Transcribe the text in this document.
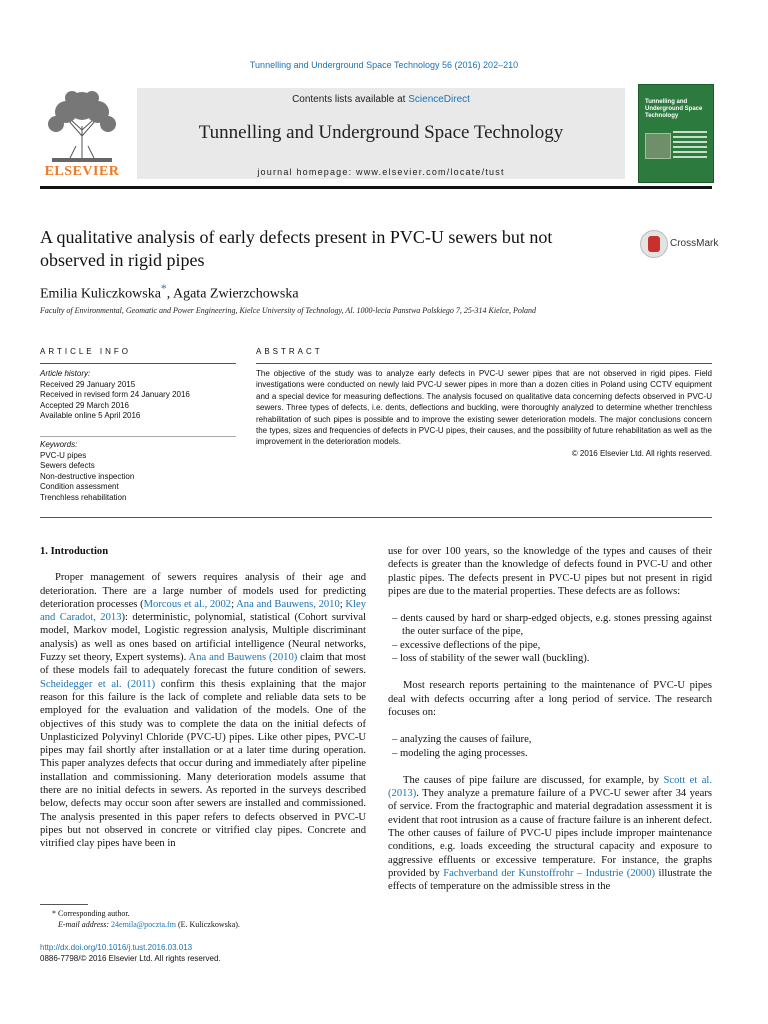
Tunnelling and Underground Space Technology 56 (2016) 202–210
ELSEVIER
Contents lists available at ScienceDirect
Tunnelling and Underground Space Technology
journal homepage: www.elsevier.com/locate/tust
Tunnelling and Underground Space Technology
A qualitative analysis of early defects present in PVC-U sewers but not observed in rigid pipes
CrossMark
Emilia Kuliczkowska*, Agata Zwierzchowska
Faculty of Environmental, Geomatic and Power Engineering, Kielce University of Technology, Al. 1000-lecia Panstwa Polskiego 7, 25-314 Kielce, Poland
ARTICLE INFO	ABSTRACT
Article history:
Received 29 January 2015
Received in revised form 24 January 2016
Accepted 29 March 2016
Available online 5 April 2016
Keywords:
PVC-U pipes
Sewers defects
Non-destructive inspection
Condition assessment
Trenchless rehabilitation
The objective of the study was to analyze early defects in PVC-U sewer pipes that are not observed in rigid pipes. Field investigations were conducted on newly laid PVC-U sewer pipes in more than a dozen cities in Poland using CCTV equipment and a special device for measuring deflections. The analysis focused on qualitative data concerning defects observed in PVC-U sewers. Three types of defects, i.e. dents, deflections and buckling, were thoroughly analyzed to determine whether trenchless rehabilitation of such pipes is possible and to improve the existing sewer deterioration models. The major conclusions concern the types, sizes and frequencies of defects in PVC-U pipes, their causes, and the possibility of future rehabilitation as well as the improvement in the deterioration models.
© 2016 Elsevier Ltd. All rights reserved.
1. Introduction

Proper management of sewers requires analysis of their age and deterioration. There are a large number of models used for predicting deterioration processes (Morcous et al., 2002; Ana and Bauwens, 2010; Kley and Caradot, 2013): deterministic, polynomial, statistical (Cohort survival model, Markov model, Logistic regression analysis, Multiple discriminant analysis) as well as ones based on artificial intelligence (Neural networks, Fuzzy set theory, Expert systems). Ana and Bauwens (2010) claim that most of these models fail to adequately forecast the future condition of sewers. Scheidegger et al. (2011) confirm this thesis explaining that the major reason for this failure is the lack of complete and reliable data sets to be employed for the evaluation and validation of the models. One of the objectives of this study was to complete the data on the initial defects of Unplasticized Polyvinyl Chloride (PVC-U) pipes. Like other pipes, PVC-U pipes may fail shortly after installation or at a later time during operation. This paper analyzes defects that occur during and immediately after pipeline installation and commissioning. Many deterioration models assume that there are no initial defects in sewers. As reported in the surveys described below, defects may occur soon after sewers are installed and commissioned. The analysis presented in this paper refers to defects observed in PVC-U pipes but not observed in concrete or vitrified clay pipes. Concrete and vitrified clay pipes have been in

use for over 100 years, so the knowledge of the types and causes of their defects is greater than the knowledge of defects found in PVC-U and other plastic pipes. The defects present in PVC-U pipes but not present in rigid pipes are due to the material properties. These defects are as follows:

– dents caused by hard or sharp-edged objects, e.g. stones pressing against the outer surface of the pipe,
– excessive deflections of the pipe,
– loss of stability of the sewer wall (buckling).

Most research reports pertaining to the maintenance of PVC-U pipes deal with defects occurring after a long period of service. The research focuses on:

– analyzing the causes of failure,
– modeling the aging processes.

The causes of pipe failure are discussed, for example, by Scott et al. (2013). They analyze a premature failure of a PVC-U sewer after 34 years of service. From the fractographic and material degradation assessment it is evident that root intrusion as a cause of fracture failure is an inherent defect. The other causes of failure of PVC-U pipes include improper maintenance conditions, e.g. loads exceeding the structural capacity and exposure to aggressive effluents or excessive temperature. For instance, the graphs provided by Fachverband der Kunstoffrohr – Industrie (2000) illustrate the effects of temperature on the admissible stress in the

* Corresponding author.
E-mail address: 24emila@poczta.fm (E. Kuliczkowska).
http://dx.doi.org/10.1016/j.tust.2016.03.013
0886-7798/© 2016 Elsevier Ltd. All rights reserved.
